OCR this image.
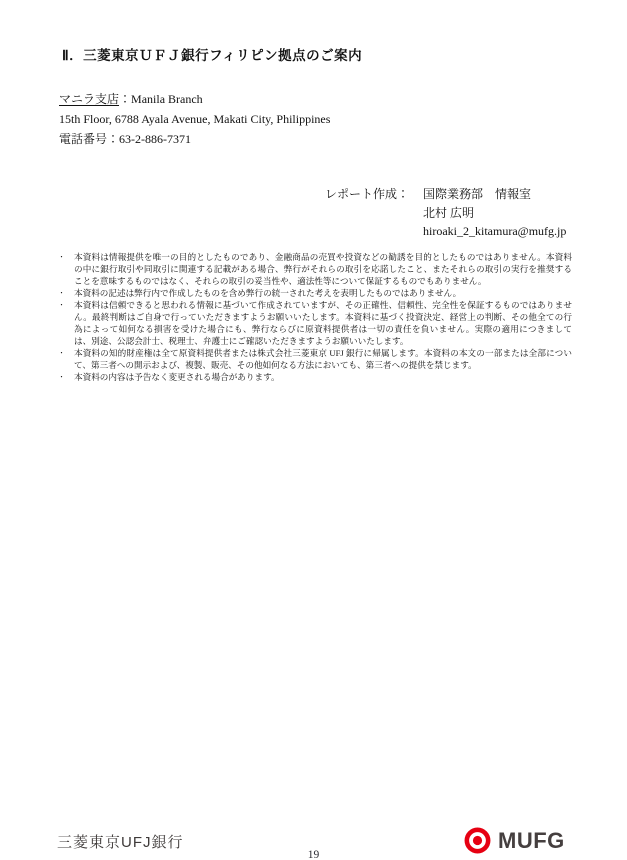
Ⅱ．三菱東京ＵＦＪ銀行フィリピン拠点のご案内
マニラ支店：Manila Branch
15th Floor, 6788 Ayala Avenue, Makati City, Philippines
電話番号：63-2-886-7371
レポート作成： 国際業務部　情報室
北村 広明
hiroaki_2_kitamura@mufg.jp
・ 本資料は情報提供を唯一の目的としたものであり、金融商品の売買や投資などの勧誘を目的としたものではありません。本資料の中に銀行取引や同取引に関連する記載がある場合、弊行がそれらの取引を応諾したこと、またそれらの取引の実行を推奨することを意味するものではなく、それらの取引の妥当性や、適法性等について保証するものでもありません。
・ 本資料の記述は弊行内で作成したものを含め弊行の統一された考えを表明したものではありません。
・ 本資料は信頼できると思われる情報に基づいて作成されていますが、その正確性、信頼性、完全性を保証するものではありません。最終判断はご自身で行っていただきますようお願いいたします。本資料に基づく投資決定、経営上の判断、その他全ての行為によって如何なる損害を受けた場合にも、弊行ならびに原資料提供者は一切の責任を負いません。実際の適用につきましては、別途、公認会計士、税理士、弁護士にご確認いただきますようお願いいたします。
・ 本資料の知的財産権は全て原資料提供者または株式会社三菱東京 UFJ 銀行に帰属します。本資料の本文の一部または全部について、第三者への開示および、複製、販売、その他如何なる方法においても、第三者への提供を禁じます。
・ 本資料の内容は予告なく変更される場合があります。
三菱東京UFJ銀行	MUFG
19
